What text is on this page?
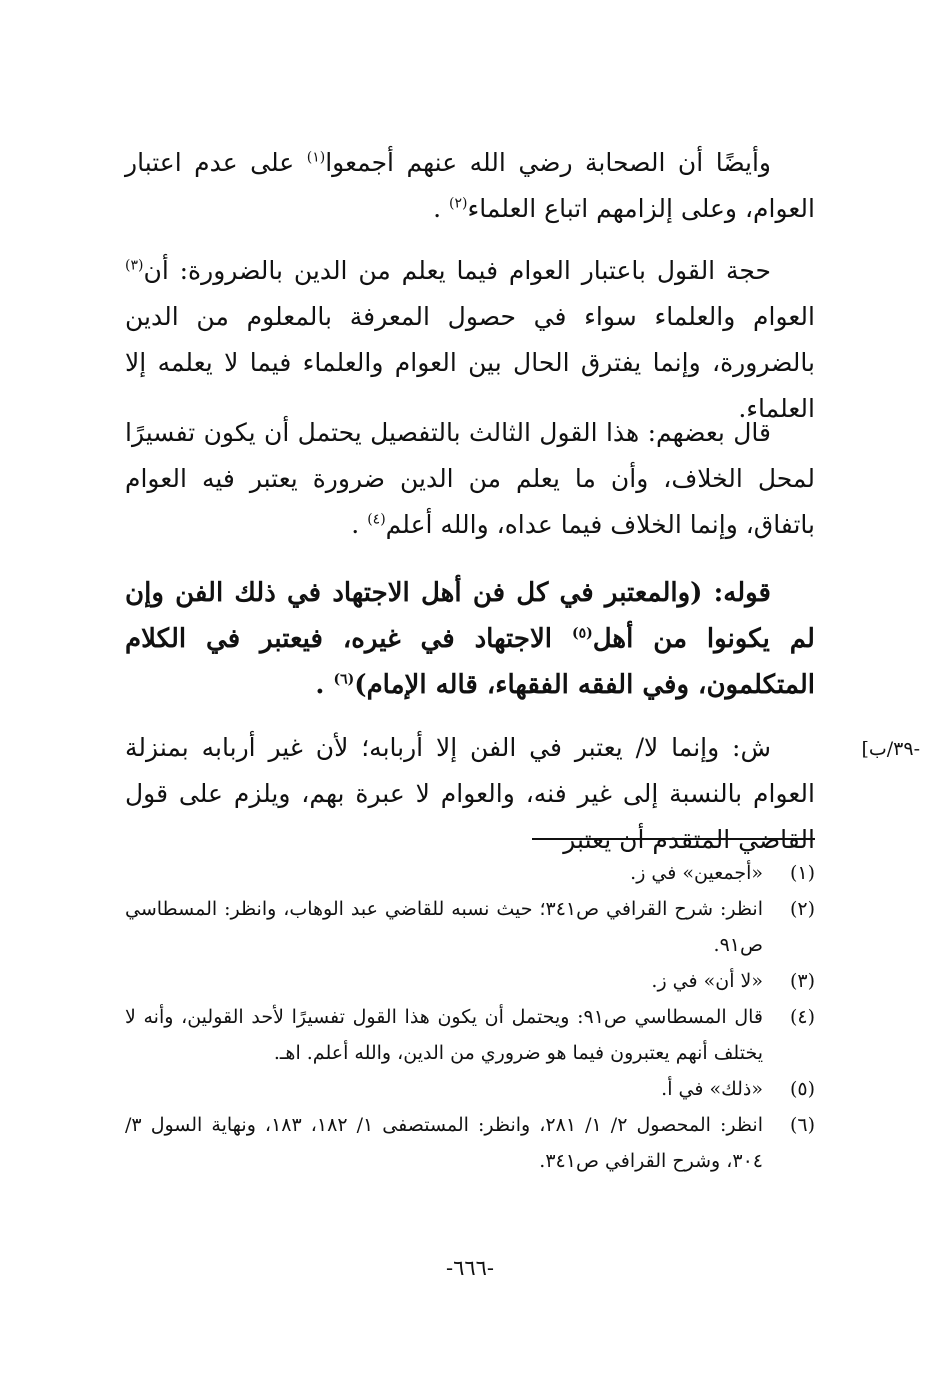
وأيضًا أن الصحابة رضي الله عنهم أجمعوا$^{(١)}$ على عدم اعتبار العوام، وعلى إلزامهم اتباع العلماء$^{(٢)}$ .

حجة القول باعتبار العوام فيما يعلم من الدين بالضرورة: أن$^{(٣)}$ العوام والعلماء سواء في حصول المعرفة بالمعلوم من الدين بالضرورة، وإنما يفترق الحال بين العوام والعلماء فيما لا يعلمه إلا العلماء.

قال بعضهم: هذا القول الثالث بالتفصيل يحتمل أن يكون تفسيرًا لمحل الخلاف، وأن ما يعلم من الدين ضرورة يعتبر فيه العوام باتفاق، وإنما الخلاف فيما عداه، والله أعلم$^{(٤)}$ .

قوله: (والمعتبر في كل فن أهل الاجتهاد في ذلك الفن وإن لم يكونوا من أهل$^{(٥)}$ الاجتهاد في غيره، فيعتبر في الكلام المتكلمون، وفي الفقه الفقهاء، قاله الإمام)$^{(٦)}$ .

ش: وإنما لا/ يعتبر في الفن إلا أربابه؛ لأن غير أربابه بمنزلة العوام بالنسبة إلى غير فنه، والعوام لا عبرة بهم، ويلزم على قول القاضي المتقدم أن يعتبر

-٣٩/ب]
(١)
«أجمعين» في ز.
(٢)
انظر: شرح القرافي ص٣٤١؛ حيث نسبه للقاضي عبد الوهاب، وانظر: المسطاسي ص٩١.
(٣)
«لا أن» في ز.
(٤)
قال المسطاسي ص٩١: ويحتمل أن يكون هذا القول تفسيرًا لأحد القولين، وأنه لا يختلف أنهم يعتبرون فيما هو ضروري من الدين، والله أعلم. اهـ.
(٥)
«ذلك» في أ.
(٦)
انظر: المحصول ٢/ ١/ ٢٨١، وانظر: المستصفى ١/ ١٨٢، ١٨٣، ونهاية السول ٣/ ٣٠٤، وشرح القرافي ص٣٤١.
-٦٦٦-
